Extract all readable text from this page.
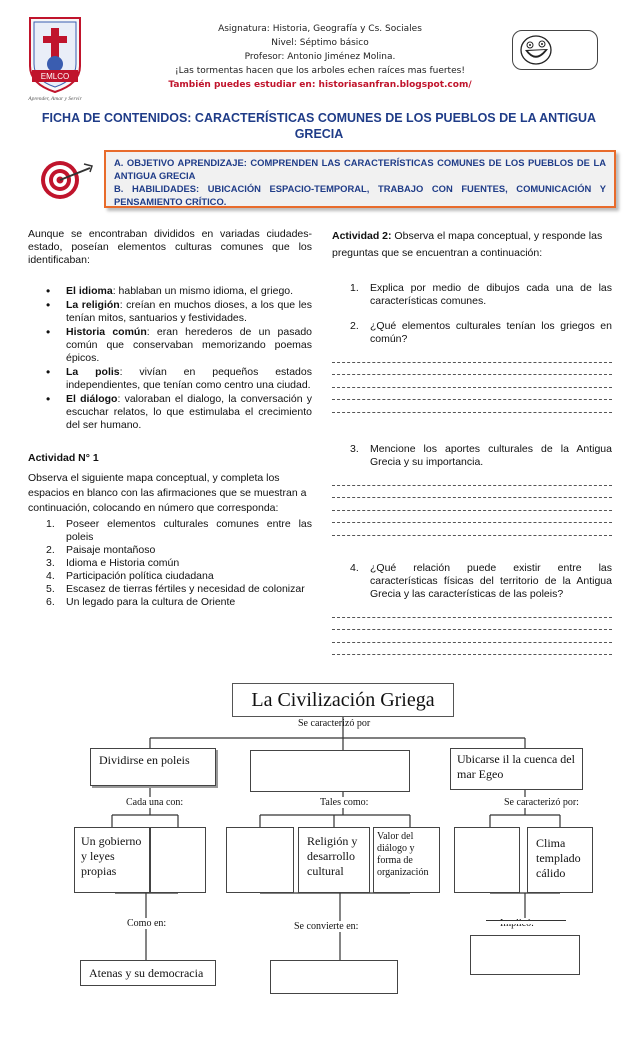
EMLCO
Aprender, Amar y Servir
Asignatura: Historia, Geografía y Cs. Sociales
Nivel: Séptimo básico
Profesor: Antonio Jiménez Molina.
¡Las tormentas hacen que los arboles echen raíces mas fuertes!
También puedes estudiar en: historiasanfran.blogspot.com/
FICHA DE CONTENIDOS: CARACTERÍSTICAS COMUNES DE LOS PUEBLOS DE LA ANTIGUA GRECIA
A. OBJETIVO APRENDIZAJE: COMPRENDEN LAS CARACTERÍSTICAS COMUNES DE LOS PUEBLOS DE LA ANTIGUA GRECIA
B. HABILIDADES: UBICACIÓN ESPACIO-TEMPORAL, TRABAJO CON FUENTES, COMUNICACIÓN Y PENSAMIENTO CRÍTICO.

Aunque se encontraban divididos en variadas ciudades-estado, poseían elementos culturas comunes que los identificaban:

• El idioma: hablaban un mismo idioma, el griego.
• La religión: creían en muchos dioses, a los que les tenían mitos, santuarios y festividades.
• Historia común: eran herederos de un pasado común que conservaban memorizando poemas épicos.
• La polis: vivían en pequeños estados independientes, que tenían como centro una ciudad.
• El diálogo: valoraban el dialogo, la conversación y escuchar relatos, lo que estimulaba el crecimiento del ser humano.
Actividad N° 1

Observa el siguiente mapa conceptual, y completa los espacios en blanco con las afirmaciones que se muestran a continuación, colocando en número que corresponda:

1. Poseer elementos culturales comunes entre las poleis
2. Paisaje montañoso
3. Idioma e Historia común
4. Participación política ciudadana
5. Escasez de tierras fértiles y necesidad de colonizar
6. Un legado para la cultura de Oriente

Actividad 2: Observa el mapa conceptual, y responde las preguntas que se encuentran a continuación:

1. Explica por medio de dibujos cada una de las características comunes.
2. ¿Qué elementos culturales tenían los griegos en común?
3. Mencione los aportes culturales de la Antigua Grecia y su importancia.
4. ¿Qué relación puede existir entre las características físicas del territorio de la Antigua Grecia y las características de las poleis?
La Civilización Griega
Se caracterizó por
Dividirse en poleis	Ubicarse il la cuenca del mar Egeo
Cada una con:	Tales como:	Se caracterizó por:
Un gobierno y leyes propias
Religión y desarrollo cultural
Valor del diálogo y forma de organización
Clima templado cálido
Como en:	Se convierte en:
Atenas y su democracia
